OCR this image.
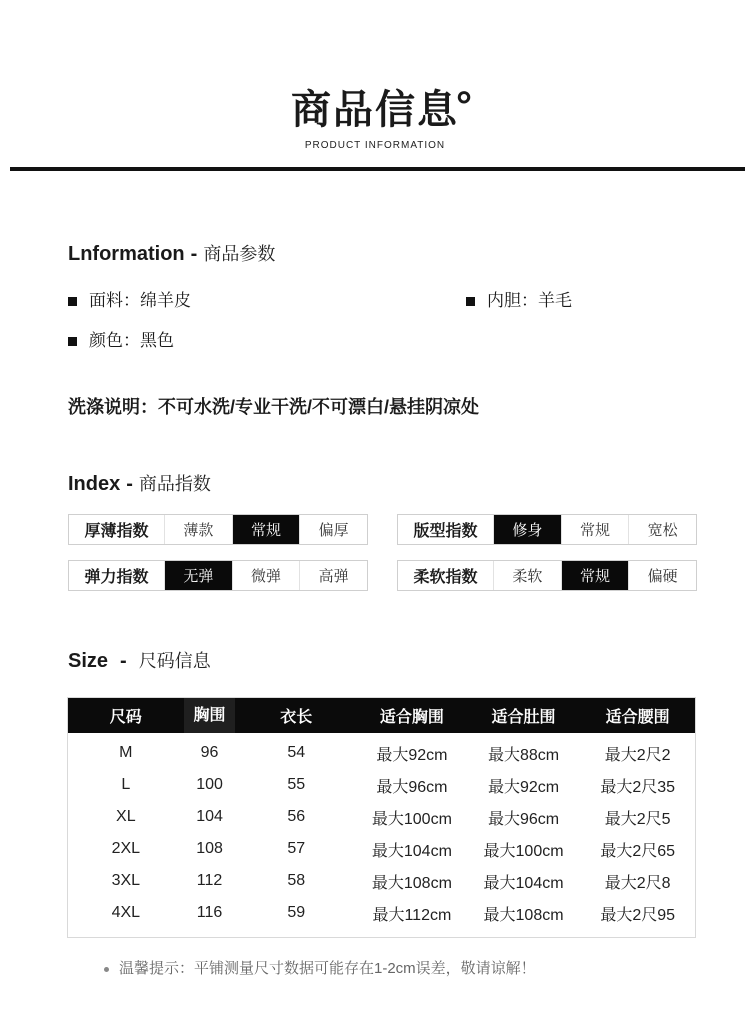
商品信息
°
PRODUCT INFORMATION
Lnformation - 商品参数
面料： 绵羊皮	内胆： 羊毛
颜色： 黑色
洗涤说明：不可水洗/专业干洗/不可漂白/悬挂阴凉处
Index - 商品指数
厚薄指数	薄款	常规	偏厚	版型指数	修身	常规	宽松
弹力指数	无弹	微弹	高弹	柔软指数	柔软	常规	偏硬
Size - 尺码信息
尺码	胸围	衣长	适合胸围	适合肚围	适合腰围
M	96	54	最大92cm	最大88cm	最大2尺2
L	100	55	最大96cm	最大92cm	最大2尺35
XL	104	56	最大100cm	最大96cm	最大2尺5
2XL	108	57	最大104cm	最大100cm	最大2尺65
3XL	112	58	最大108cm	最大104cm	最大2尺8
4XL	116	59	最大112cm	最大108cm	最大2尺95
温馨提示：平铺测量尺寸数据可能存在1-2cm误差，敬请谅解！
